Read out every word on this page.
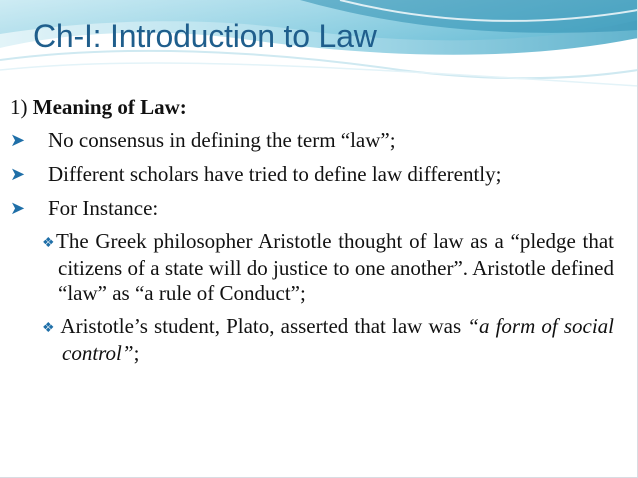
Ch-I: Introduction to Law

1) Meaning of Law:

➤	No consensus in defining the term “law”;
➤	Different scholars have tried to define law differently;
➤	For Instance:
❖The Greek philosopher Aristotle thought of law as a “pledge that citizens of a state will do justice to one another”. Aristotle defined “law” as “a rule of Conduct”;
❖ Aristotle’s student, Plato, asserted that law was “a form of social control”;
